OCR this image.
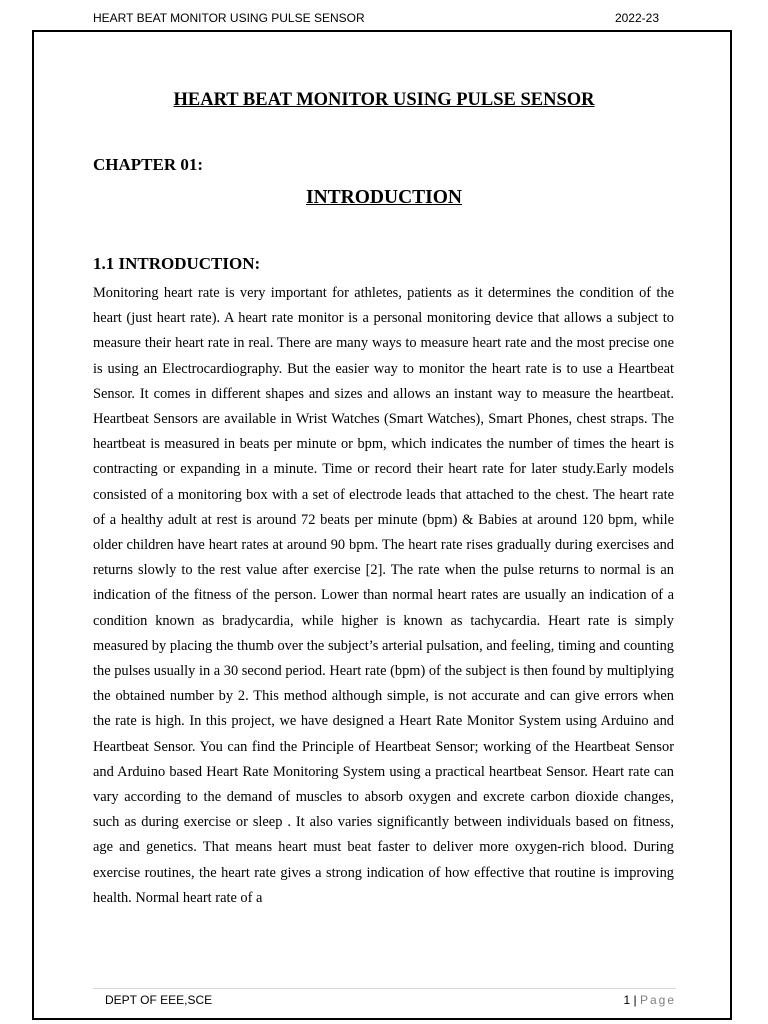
HEART BEAT MONITOR USING PULSE SENSOR	2022-23
HEART BEAT MONITOR USING PULSE SENSOR
CHAPTER 01:
INTRODUCTION
1.1 INTRODUCTION:

Monitoring heart rate is very important for athletes, patients as it determines the condition of the heart (just heart rate). A heart rate monitor is a personal monitoring device that allows a subject to measure their heart rate in real. There are many ways to measure heart rate and the most precise one is using an Electrocardiography. But the easier way to monitor the heart rate is to use a Heartbeat Sensor. It comes in different shapes and sizes and allows an instant way to measure the heartbeat. Heartbeat Sensors are available in Wrist Watches (Smart Watches), Smart Phones, chest straps. The heartbeat is measured in beats per minute or bpm, which indicates the number of times the heart is contracting or expanding in a minute. Time or record their heart rate for later study.Early models consisted of a monitoring box with a set of electrode leads that attached to the chest. The heart rate of a healthy adult at rest is around 72 beats per minute (bpm) & Babies at around 120 bpm, while older children have heart rates at around 90 bpm. The heart rate rises gradually during exercises and returns slowly to the rest value after exercise [2]. The rate when the pulse returns to normal is an indication of the fitness of the person. Lower than normal heart rates are usually an indication of a condition known as bradycardia, while higher is known as tachycardia. Heart rate is simply measured by placing the thumb over the subject’s arterial pulsation, and feeling, timing and counting the pulses usually in a 30 second period. Heart rate (bpm) of the subject is then found by multiplying the obtained number by 2. This method although simple, is not accurate and can give errors when the rate is high. In this project, we have designed a Heart Rate Monitor System using Arduino and Heartbeat Sensor. You can find the Principle of Heartbeat Sensor; working of the Heartbeat Sensor and Arduino based Heart Rate Monitoring System using a practical heartbeat Sensor. Heart rate can vary according to the demand of muscles to absorb oxygen and excrete carbon dioxide changes, such as during exercise or sleep . It also varies significantly between individuals based on fitness, age and genetics. That means heart must beat faster to deliver more oxygen-rich blood. During exercise routines, the heart rate gives a strong indication of how effective that routine is improving health. Normal heart rate of a

DEPT OF EEE,SCE	1 | Page
